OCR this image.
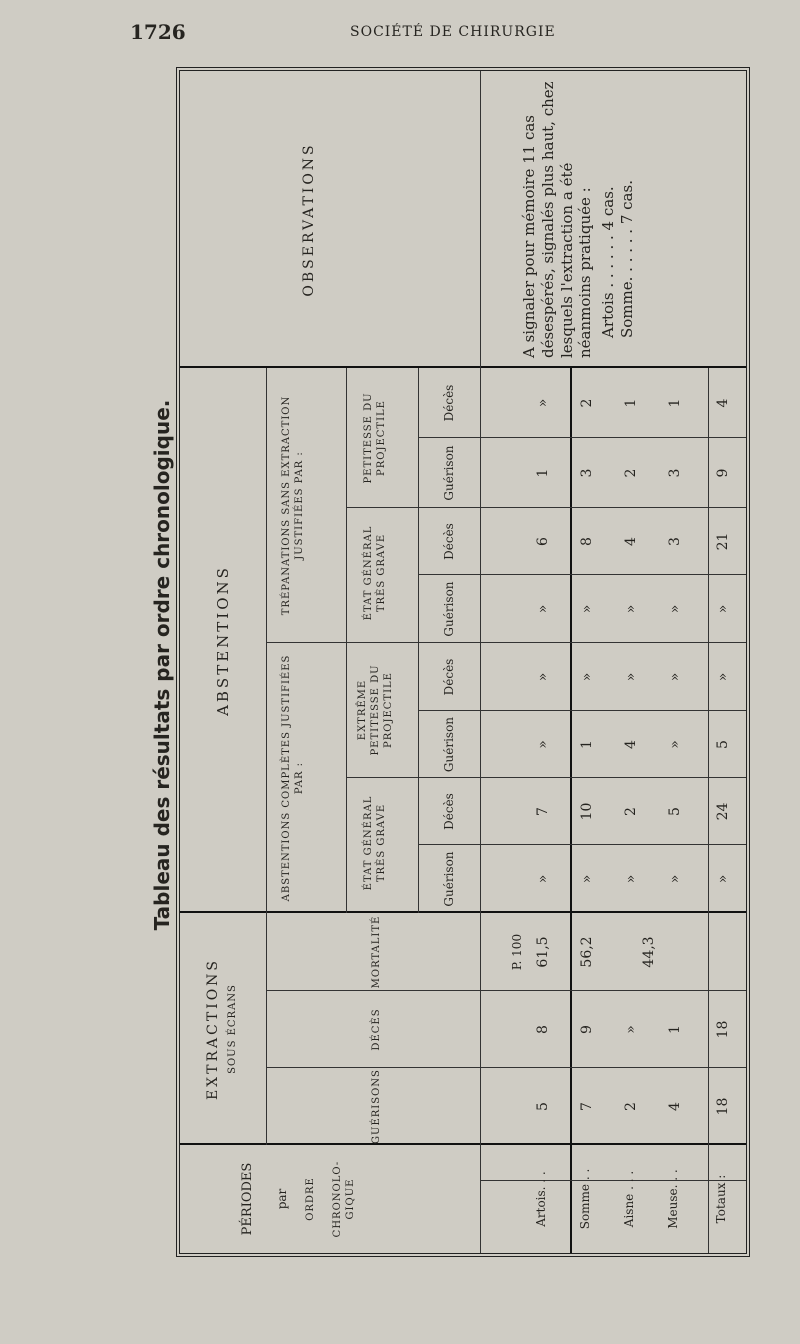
1726	SOCIÉTÉ DE CHIRURGIE
Tableau des résultats par ordre chronologique.
PÉRIODES par ORDRE CHRONOLO-GIQUE
EXTRACTIONS SOUS ÉCRANS
GUÉRISONS
DÉCÈS
MORTALITÉ
ABSTENTIONS
ABSTENTIONS COMPLÈTES JUSTIFIÉES PAR :
TRÉPANATIONS SANS EXTRACTION JUSTIFIÉES PAR :
ÉTAT GÉNÉRAL TRÈS GRAVE
EXTRÊME PETITESSE DU PROJECTILE
ÉTAT GÉNÉRAL TRÈS GRAVE
PETITESSE DU PROJECTILE
Guérison
Décès
Guérison
Décès
Guérison
Décès
Guérison
Décès
OBSERVATIONS
P. 100
Artois. . .
5
8
61,5
»
7
»
»
»
6
1
»
Somme . .
7
9
56,2
»
10
1
»
»
8
3
2
Aisne . . .
2
»
44,3
»
2
4
»
»
4
2
1
Meuse. . .
4
1
»
5
»
»
»
3
3
1
Totaux :
18
18
»
24
5
»
»
21
9
4
A signaler pour mémoire 11 cas désespérés, signalés plus haut, chez lesquels l'extraction a été néanmoins pratiquée : Artois . . . . . . 4 cas. Somme. . . . . . 7 cas.
